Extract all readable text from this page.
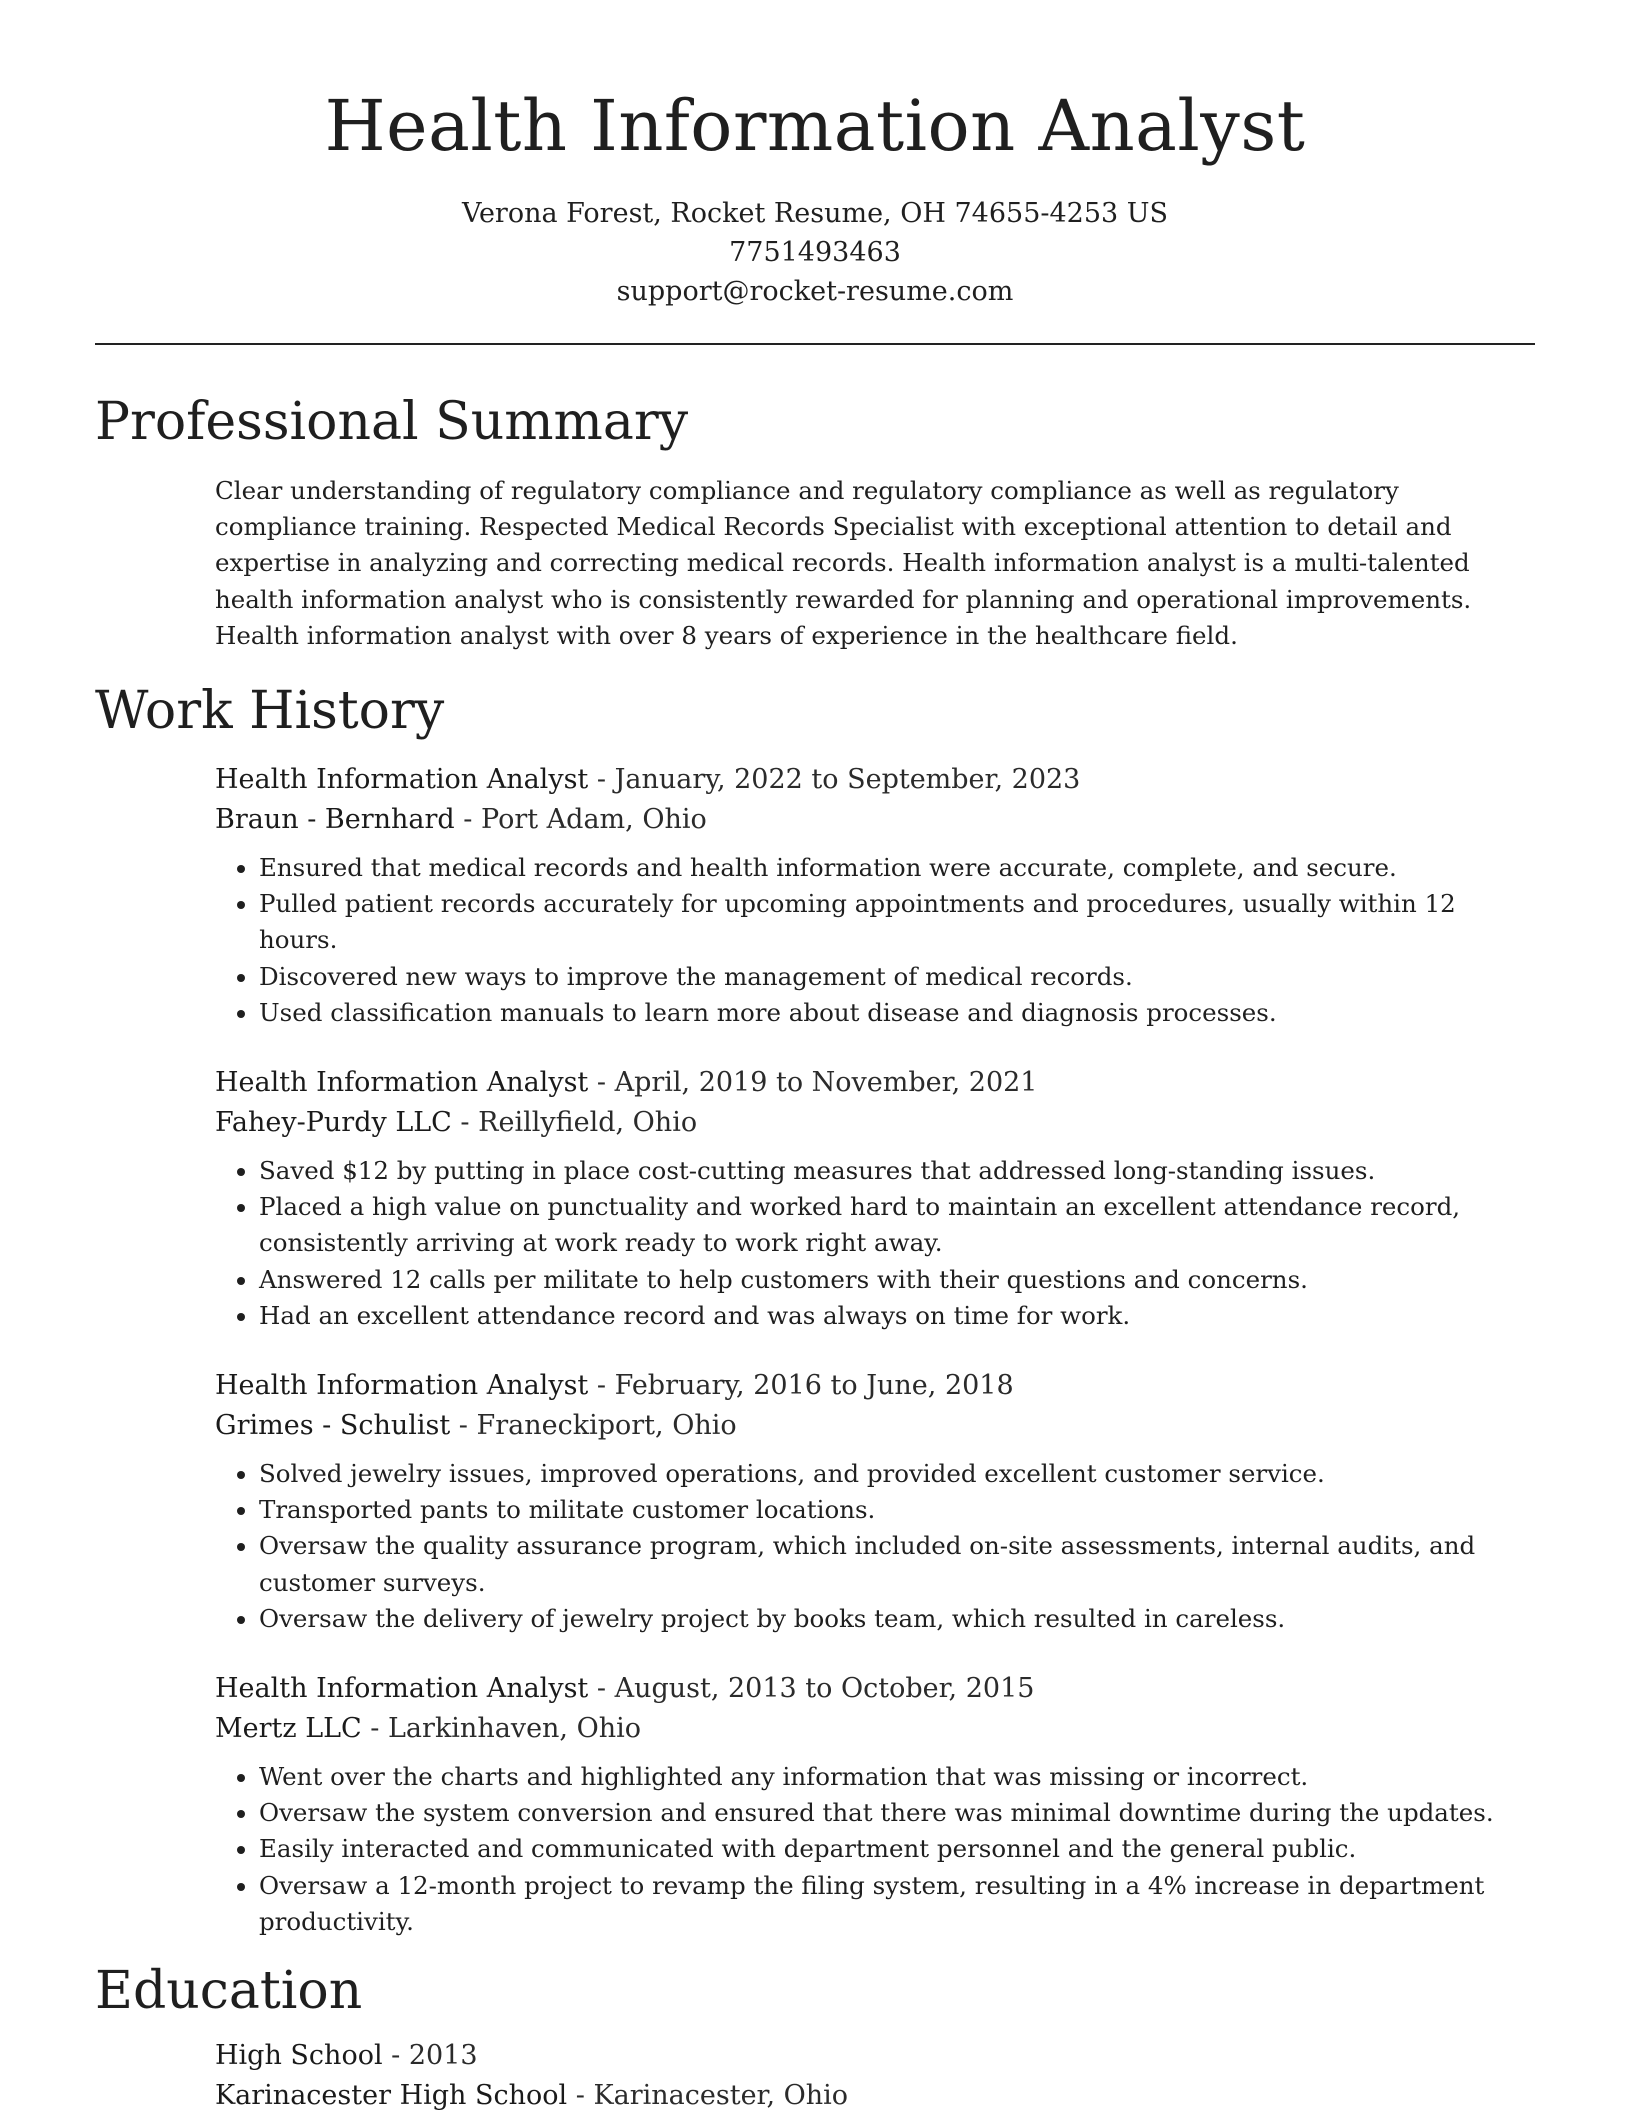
Health Information Analyst
Verona Forest, Rocket Resume, OH 74655-4253 US
7751493463
support@rocket-resume.com
Professional Summary
Clear understanding of regulatory compliance and regulatory compliance as well as regulatory compliance training. Respected Medical Records Specialist with exceptional attention to detail and expertise in analyzing and correcting medical records. Health information analyst is a multi-talented health information analyst who is consistently rewarded for planning and operational improvements. Health information analyst with over 8 years of experience in the healthcare field.
Work History
Health Information Analyst - January, 2022 to September, 2023
Braun - Bernhard - Port Adam, Ohio
• Ensured that medical records and health information were accurate, complete, and secure.
• Pulled patient records accurately for upcoming appointments and procedures, usually within 12 hours.
• Discovered new ways to improve the management of medical records.
• Used classification manuals to learn more about disease and diagnosis processes.
Health Information Analyst - April, 2019 to November, 2021
Fahey-Purdy LLC - Reillyfield, Ohio
• Saved $12 by putting in place cost-cutting measures that addressed long-standing issues.
• Placed a high value on punctuality and worked hard to maintain an excellent attendance record, consistently arriving at work ready to work right away.
• Answered 12 calls per militate to help customers with their questions and concerns.
• Had an excellent attendance record and was always on time for work.
Health Information Analyst - February, 2016 to June, 2018
Grimes - Schulist - Franeckiport, Ohio
• Solved jewelry issues, improved operations, and provided excellent customer service.
• Transported pants to militate customer locations.
• Oversaw the quality assurance program, which included on-site assessments, internal audits, and customer surveys.
• Oversaw the delivery of jewelry project by books team, which resulted in careless.
Health Information Analyst - August, 2013 to October, 2015
Mertz LLC - Larkinhaven, Ohio
• Went over the charts and highlighted any information that was missing or incorrect.
• Oversaw the system conversion and ensured that there was minimal downtime during the updates.
• Easily interacted and communicated with department personnel and the general public.
• Oversaw a 12-month project to revamp the filing system, resulting in a 4% increase in department productivity.
Education
High School - 2013
Karinacester High School - Karinacester, Ohio
